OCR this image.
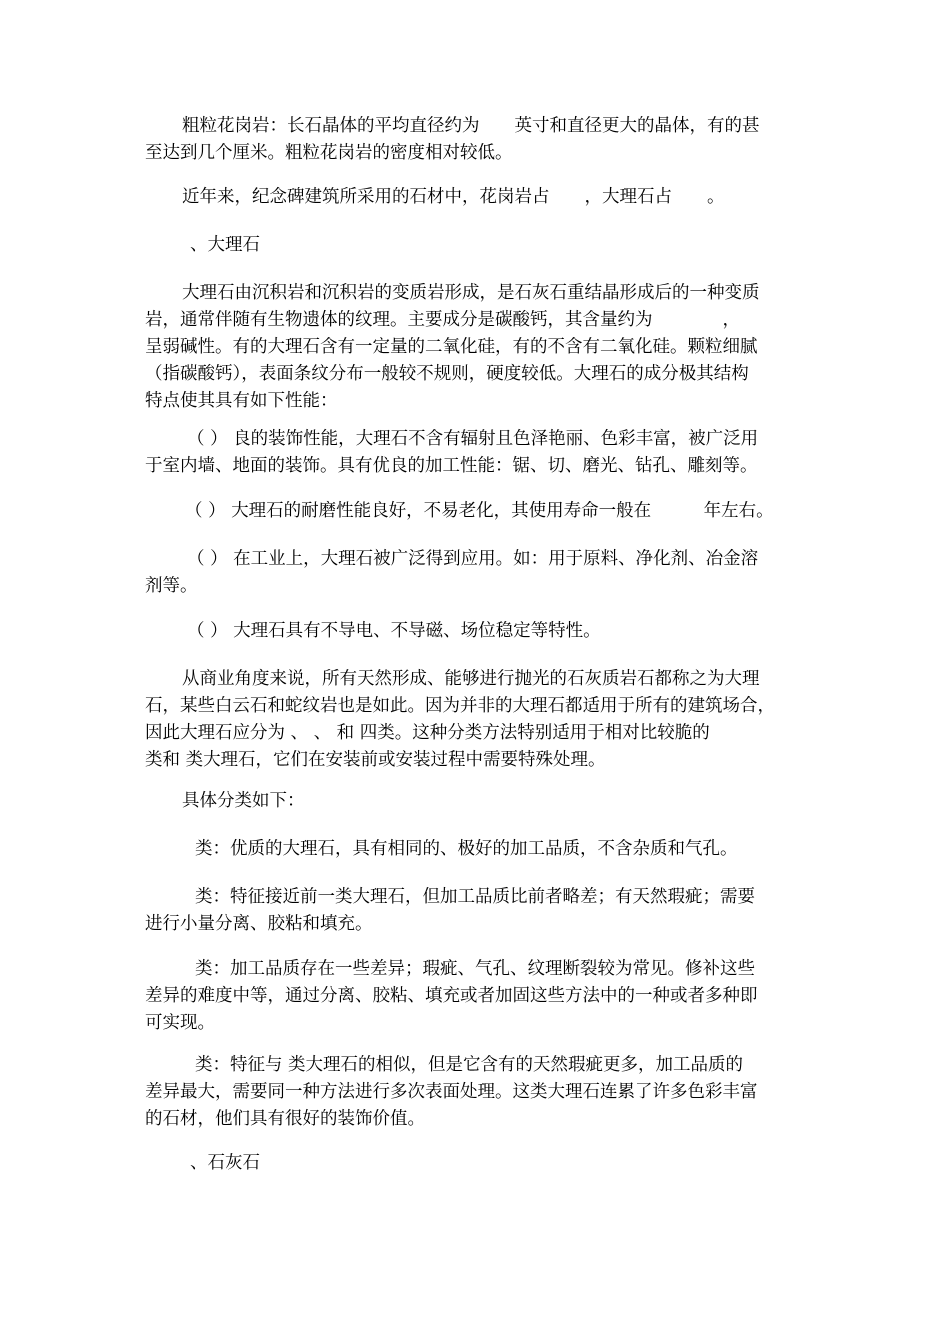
粗粒花岗岩：长石晶体的平均直径约为　　英寸和直径更大的晶体，有的甚
至达到几个厘米。粗粒花岗岩的密度相对较低。
近年来，纪念碑建筑所采用的石材中，花岗岩占　　，大理石占　　。
、大理石
大理石由沉积岩和沉积岩的变质岩形成，是石灰石重结晶形成后的一种变质
岩，通常伴随有生物遗体的纹理。主要成分是碳酸钙，其含量约为　　　　，
呈弱碱性。有的大理石含有一定量的二氧化硅，有的不含有二氧化硅。颗粒细腻
（指碳酸钙），表面条纹分布一般较不规则，硬度较低。大理石的成分极其结构
特点使其具有如下性能：
（ ） 良的装饰性能，大理石不含有辐射且色泽艳丽、色彩丰富，被广泛用
于室内墙、地面的装饰。具有优良的加工性能：锯、切、磨光、钻孔、雕刻等。
（ ） 大理石的耐磨性能良好，不易老化，其使用寿命一般在　　　年左右。
（ ） 在工业上，大理石被广泛得到应用。如：用于原料、净化剂、冶金溶
剂等。
（ ） 大理石具有不导电、不导磁、场位稳定等特性。
从商业角度来说，所有天然形成、能够进行抛光的石灰质岩石都称之为大理
石，某些白云石和蛇纹岩也是如此。因为并非的大理石都适用于所有的建筑场合，
因此大理石应分为 、 、 和 四类。这种分类方法特别适用于相对比较脆的
类和 类大理石，它们在安装前或安装过程中需要特殊处理。
具体分类如下：
类：优质的大理石，具有相同的、极好的加工品质，不含杂质和气孔。
类：特征接近前一类大理石，但加工品质比前者略差；有天然瑕疵；需要
进行小量分离、胶粘和填充。
类：加工品质存在一些差异；瑕疵、气孔、纹理断裂较为常见。修补这些
差异的难度中等，通过分离、胶粘、填充或者加固这些方法中的一种或者多种即
可实现。
类：特征与 类大理石的相似，但是它含有的天然瑕疵更多，加工品质的
差异最大，需要同一种方法进行多次表面处理。这类大理石连累了许多色彩丰富
的石材，他们具有很好的装饰价值。
、石灰石
